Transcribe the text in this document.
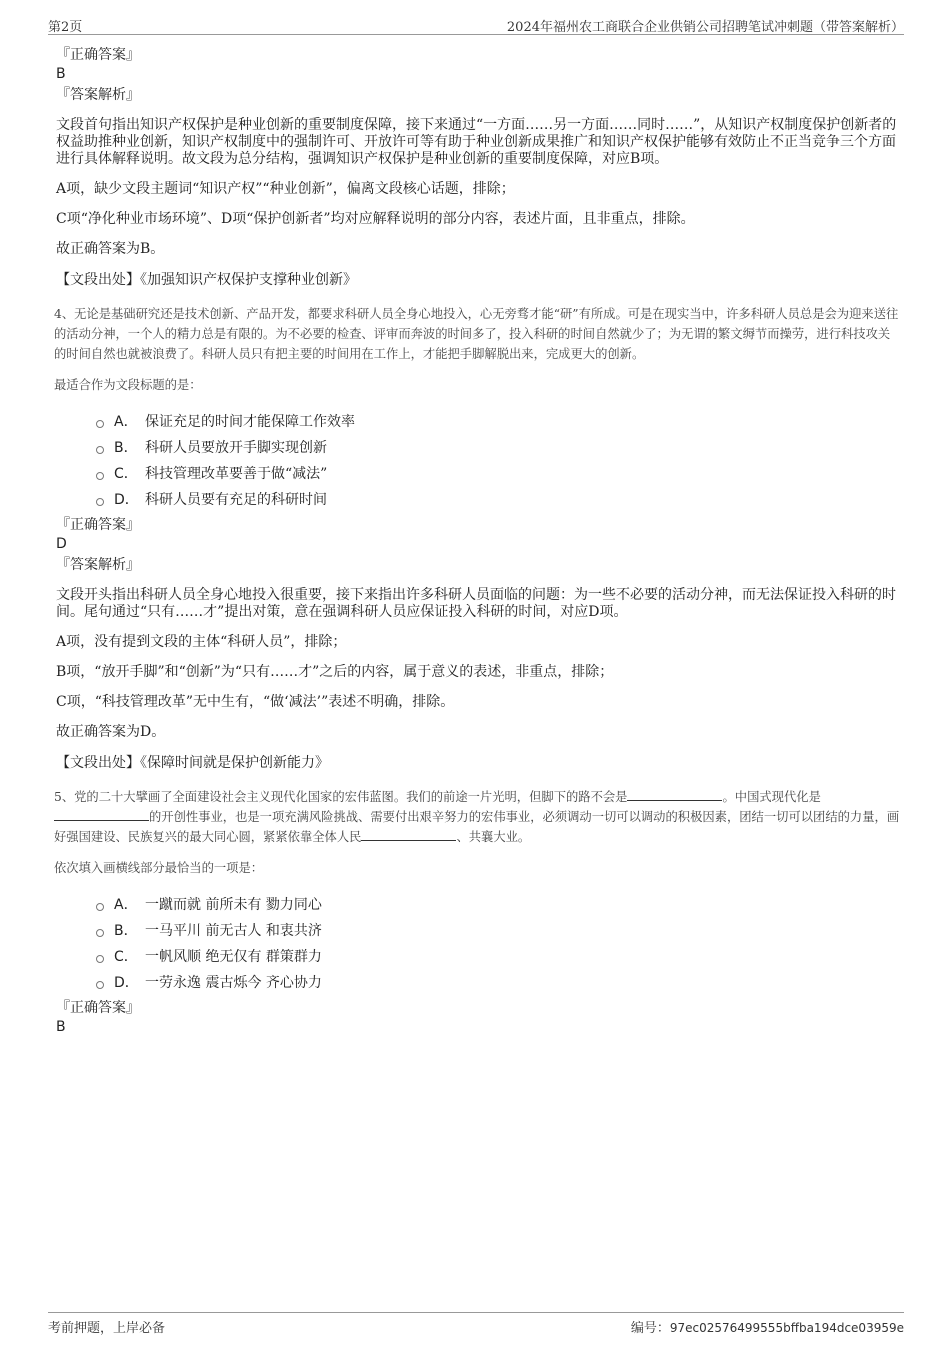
第2页	2024年福州农工商联合企业供销公司招聘笔试冲刺题（带答案解析）

『正确答案』

B

『答案解析』

文段首句指出知识产权保护是种业创新的重要制度保障，接下来通过“一方面……另一方面……同时……”，从知识产权制度保护创新者的权益助推种业创新，知识产权制度中的强制许可、开放许可等有助于种业创新成果推广和知识产权保护能够有效防止不正当竞争三个方面进行具体解释说明。故文段为总分结构，强调知识产权保护是种业创新的重要制度保障，对应B项。

A项，缺少文段主题词“知识产权”“种业创新”，偏离文段核心话题，排除；

C项“净化种业市场环境”、D项“保护创新者”均对应解释说明的部分内容，表述片面，且非重点，排除。

故正确答案为B。

【文段出处】《加强知识产权保护支撑种业创新》

4、无论是基础研究还是技术创新、产品开发，都要求科研人员全身心地投入，心无旁骛才能“研”有所成。可是在现实当中，许多科研人员总是会为迎来送往的活动分神，一个人的精力总是有限的。为不必要的检查、评审而奔波的时间多了，投入科研的时间自然就少了；为无谓的繁文缛节而操劳，进行科技攻关的时间自然也就被浪费了。科研人员只有把主要的时间用在工作上，才能把手脚解脱出来，完成更大的创新。

最适合作为文段标题的是：

A． 保证充足的时间才能保障工作效率
B． 科研人员要放开手脚实现创新
C． 科技管理改革要善于做“减法”
D． 科研人员要有充足的科研时间

『正确答案』

D

『答案解析』

文段开头指出科研人员全身心地投入很重要，接下来指出许多科研人员面临的问题：为一些不必要的活动分神，而无法保证投入科研的时间。尾句通过“只有……才”提出对策，意在强调科研人员应保证投入科研的时间，对应D项。

A项，没有提到文段的主体“科研人员”，排除；

B项，“放开手脚”和“创新”为“只有……才”之后的内容，属于意义的表述，非重点，排除；

C项，“科技管理改革”无中生有，“做‘减法’”表述不明确，排除。

故正确答案为D。

【文段出处】《保障时间就是保护创新能力》

5、党的二十大擘画了全面建设社会主义现代化国家的宏伟蓝图。我们的前途一片光明，但脚下的路不会是	。中国式现代化是的开创性事业，也是一项充满风险挑战、需要付出艰辛努力的宏伟事业，必须调动一切可以调动的积极因素，团结一切可以团结的力量，画好强国建设、民族复兴的最大同心圆，紧紧依靠全体人民	、共襄大业。

依次填入画横线部分最恰当的一项是：

A． 一蹴而就 前所未有 勠力同心
B． 一马平川 前无古人 和衷共济
C． 一帆风顺 绝无仅有 群策群力
D． 一劳永逸 震古烁今 齐心协力

『正确答案』

B

考前押题，上岸必备	编号：97ec02576499555bffba194dce03959e
